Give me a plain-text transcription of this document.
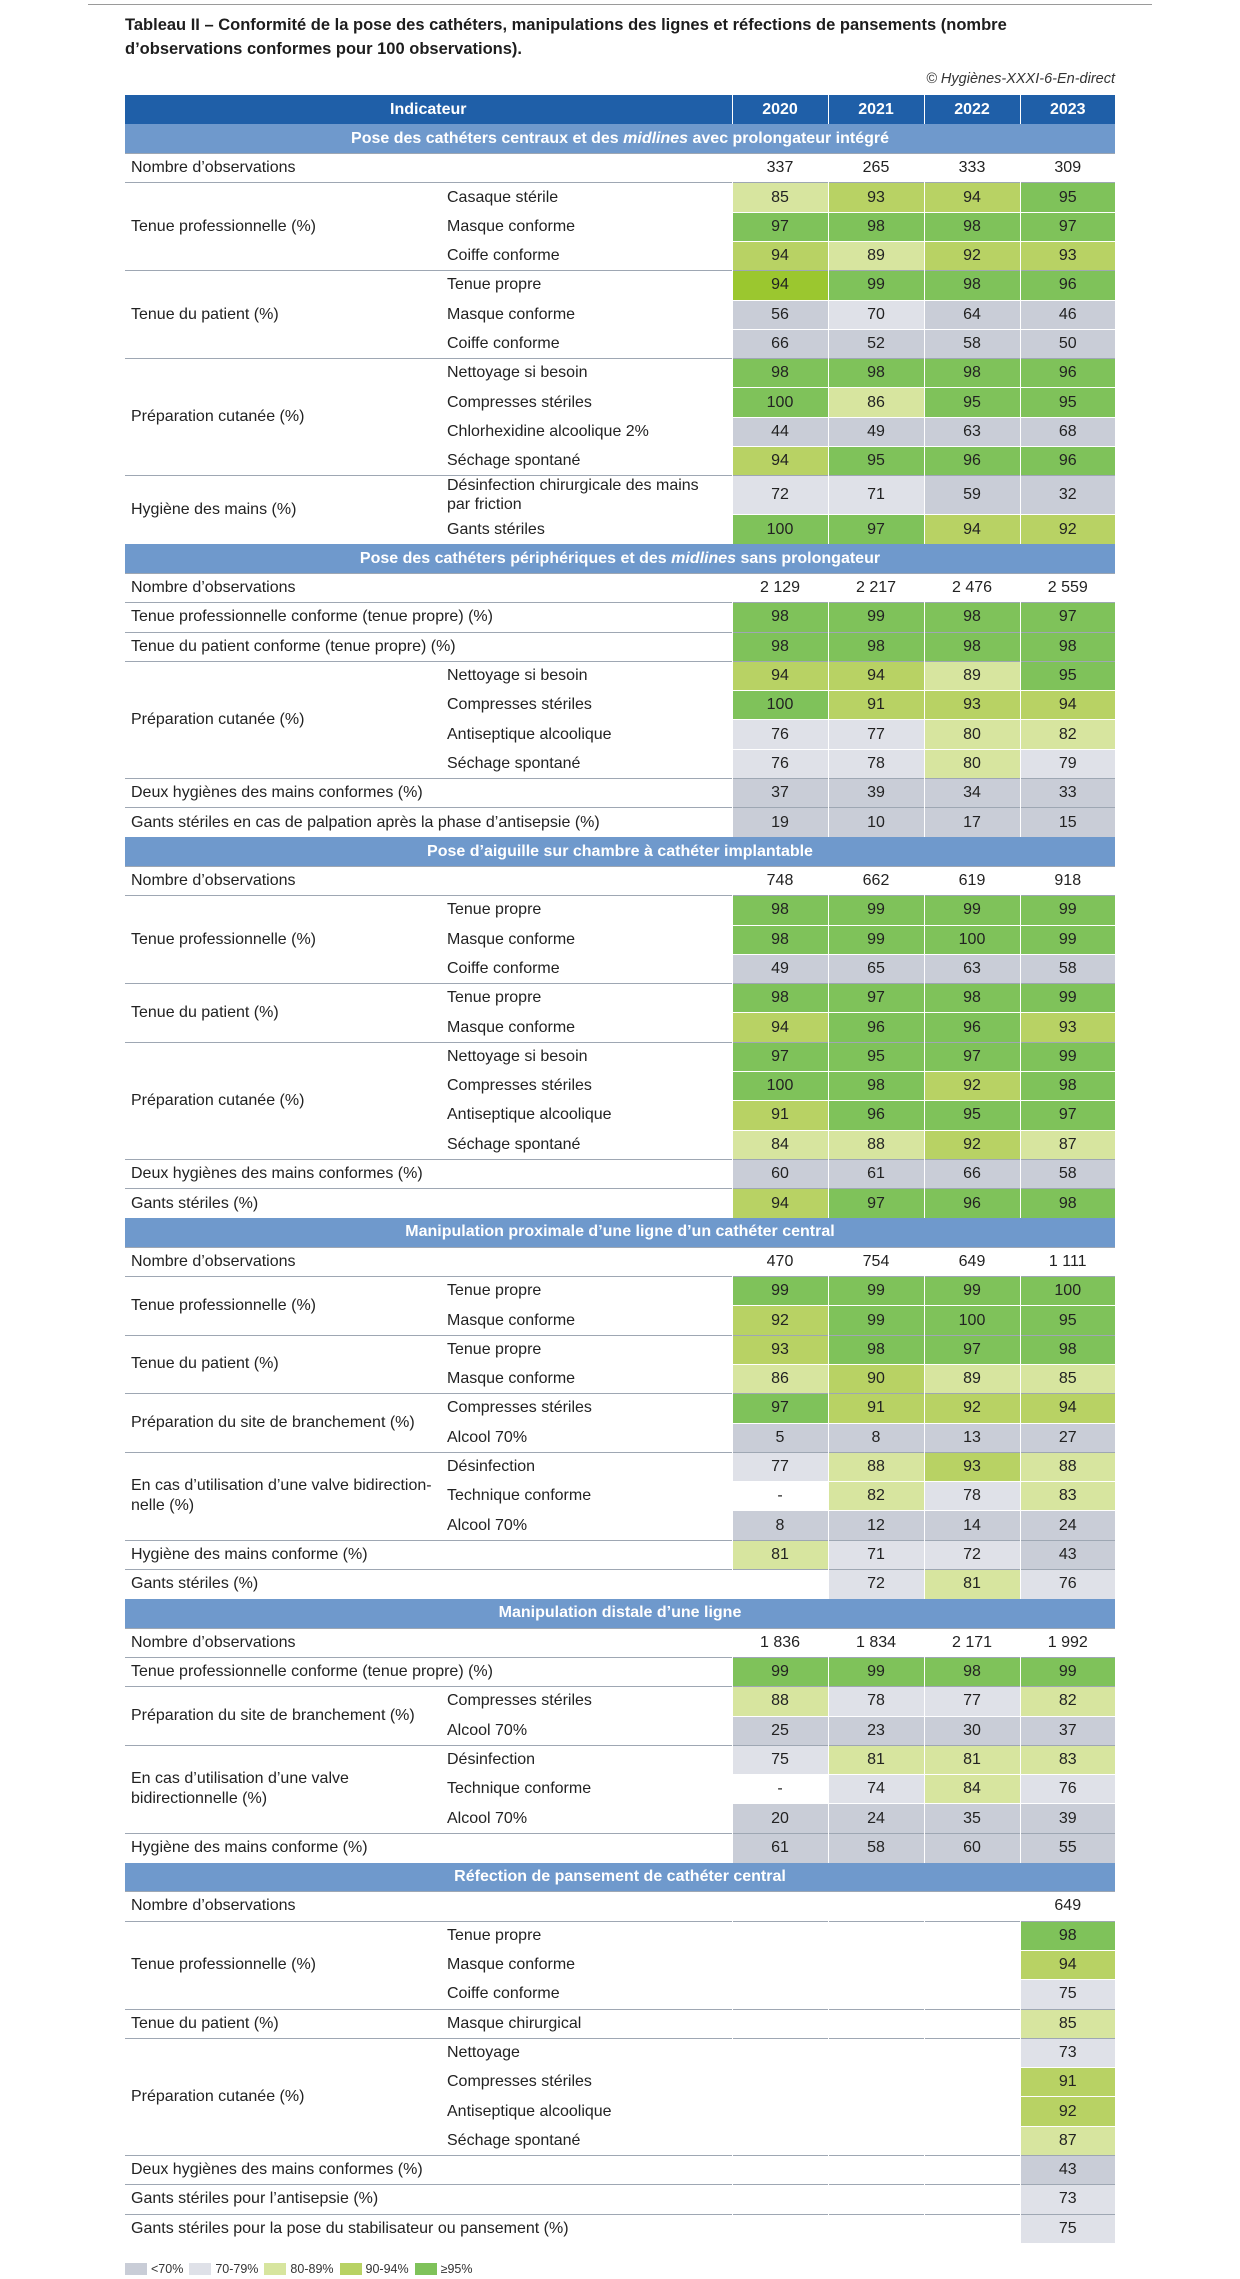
Tableau II – Conformité de la pose des cathéters, manipulations des lignes et réfections de pansements (nombre d’observations conformes pour 100 observations).
© Hygiènes-XXXI-6-En-direct
Indicateur		2020	2021	2022	2023
Pose des cathéters centraux et des midlines avec prolongateur intégré					
Nombre d’observations		337	265	333	309
Tenue professionnelle (%)	Casaque stérile	85	93	94	95
	Masque conforme	97	98	98	97
	Coiffe conforme	94	89	92	93
Tenue du patient (%)	Tenue propre	94	99	98	96
	Masque conforme	56	70	64	46
	Coiffe conforme	66	52	58	50
Préparation cutanée (%)	Nettoyage si besoin	98	98	98	96
	Compresses stériles	100	86	95	95
	Chlorhexidine alcoolique 2%	44	49	63	68
	Séchage spontané	94	95	96	96
Hygiène des mains (%)	Désinfection chirurgicale des mains par friction	72	71	59	32
	Gants stériles	100	97	94	92
Pose des cathéters périphériques et des midlines sans prolongateur					
Nombre d’observations		2 129	2 217	2 476	2 559
Tenue professionnelle conforme (tenue propre) (%)		98	99	98	97
Tenue du patient conforme (tenue propre) (%)		98	98	98	98
Préparation cutanée (%)	Nettoyage si besoin	94	94	89	95
	Compresses stériles	100	91	93	94
	Antiseptique alcoolique	76	77	80	82
	Séchage spontané	76	78	80	79
Deux hygiènes des mains conformes (%)		37	39	34	33
Gants stériles en cas de palpation après la phase d’antisepsie (%)		19	10	17	15
Pose d’aiguille sur chambre à cathéter implantable					
Nombre d’observations		748	662	619	918
Tenue professionnelle (%)	Tenue propre	98	99	99	99
	Masque conforme	98	99	100	99
	Coiffe conforme	49	65	63	58
Tenue du patient (%)	Tenue propre	98	97	98	99
	Masque conforme	94	96	96	93
Préparation cutanée (%)	Nettoyage si besoin	97	95	97	99
	Compresses stériles	100	98	92	98
	Antiseptique alcoolique	91	96	95	97
	Séchage spontané	84	88	92	87
Deux hygiènes des mains conformes (%)		60	61	66	58
Gants stériles (%)		94	97	96	98
Manipulation proximale d’une ligne d’un cathéter central					
Nombre d’observations		470	754	649	1 111
Tenue professionnelle (%)	Tenue propre	99	99	99	100
	Masque conforme	92	99	100	95
Tenue du patient (%)	Tenue propre	93	98	97	98
	Masque conforme	86	90	89	85
Préparation du site de branchement (%)	Compresses stériles	97	91	92	94
	Alcool 70%	5	8	13	27
En cas d’utilisation d’une valve bidirection- nelle (%)	Désinfection	77	88	93	88
	Technique conforme	-	82	78	83
	Alcool 70%	8	12	14	24
Hygiène des mains conforme (%)		81	71	72	43
Gants stériles (%)			72	81	76
Manipulation distale d’une ligne					
Nombre d’observations		1 836	1 834	2 171	1 992
Tenue professionnelle conforme (tenue propre) (%)		99	99	98	99
Préparation du site de branchement (%)	Compresses stériles	88	78	77	82
	Alcool 70%	25	23	30	37
En cas d’utilisation d’une valve bidirectionnelle (%)	Désinfection	75	81	81	83
	Technique conforme	-	74	84	76
	Alcool 70%	20	24	35	39
Hygiène des mains conforme (%)		61	58	60	55
Réfection de pansement de cathéter central					
Nombre d’observations					649
Tenue professionnelle (%)	Tenue propre				98
	Masque conforme				94
	Coiffe conforme				75
Tenue du patient (%)	Masque chirurgical				85
Préparation cutanée (%)	Nettoyage				73
	Compresses stériles				91
	Antiseptique alcoolique				92
	Séchage spontané				87
Deux hygiènes des mains conformes (%)					43
Gants stériles pour l’antisepsie (%)					73
Gants stériles pour la pose du stabilisateur ou pansement (%)					75
<70%	70-79%	80-89%	90-94%	≥95%
